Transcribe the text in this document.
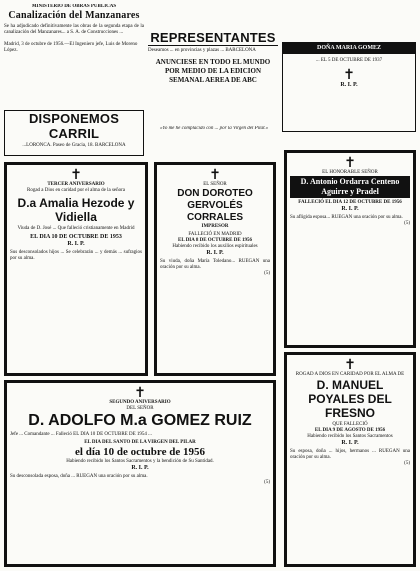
MINISTERIO DE OBRAS PUBLICAS
Canalización del Manzanares
Se ha adjudicado definitivamente las obras de la segunda etapa de la canalización del Manzanares... a S. A. de Construcciones ...
Madrid, 3 de octubre de 1956.—El Ingeniero jefe, Luis de Moreno López.
DISPONEMOS CARRIL
...LORONCA. Paseo de Gracia, 18. BARCELONA
REPRESENTANTES
Deseamos ... en provincias y plazas ... BARCELONA
ANUNCIESE EN TODO EL MUNDO POR MEDIO DE LA EDICION SEMANAL AEREA DE ABC
«Yo me he complacido con ... por la Virgen del Pilar.»
DOÑA MARIA GOMEZ
... EL 5 DE OCTUBRE DE 1937
✝
R. I. P.
✝
TERCER ANIVERSARIO
Rogad a Dios en caridad por el alma de la señora
D.a Amalia Hezode y Vidiella
Viuda de D. José ... Que falleció cristianamente en Madrid
EL DIA 10 DE OCTUBRE DE 1953
R. I. P.
Sus desconsolados hijos ... Se celebrarán ... y demás ... sufragios por su alma.
✝
EL SEÑOR
DON DOROTEO GERVOLÉS CORRALES
IMPRESOR
FALLECIÓ EN MADRID
EL DIA 8 DE OCTUBRE DE 1956
Habiendo recibido los auxilios espirituales
R. I. P.
Su viuda, doña María Toledano... RUEGAN una oración por su alma.
(5)
✝
EL HONORABLE SEÑOR
D. Antonio Ordarra Centeno
Aguirre y Pradel
FALLECIÓ EL DIA 12 DE OCTUBRE DE 1956
R. I. P.
Su afligida esposa... RUEGAN una oración por su alma.
(5)
✝
SEGUNDO ANIVERSARIO
DEL SEÑOR
D. ADOLFO M.a GOMEZ RUIZ
Jefe ... Comandante ... Falleció EL DIA 10 DE OCTUBRE DE 1954 ...
EL DIA DEL SANTO DE LA VIRGEN DEL PILAR
el día 10 de octubre de 1956
Habiendo recibido los Santos Sacramentos y la bendición de Su Santidad.
R. I. P.
Su desconsolada esposa, doña ... RUEGAN una oración por su alma.
(5)
✝
ROGAD A DIOS EN CARIDAD POR EL ALMA DE
D. MANUEL POYALES DEL FRESNO
QUE FALLECIÓ
EL DIA 9 DE AGOSTO DE 1956
Habiendo recibido los Santos Sacramentos
R. I. P.
Su esposa, doña ... hijos, hermanos ... RUEGAN una oración por su alma.
(5)
